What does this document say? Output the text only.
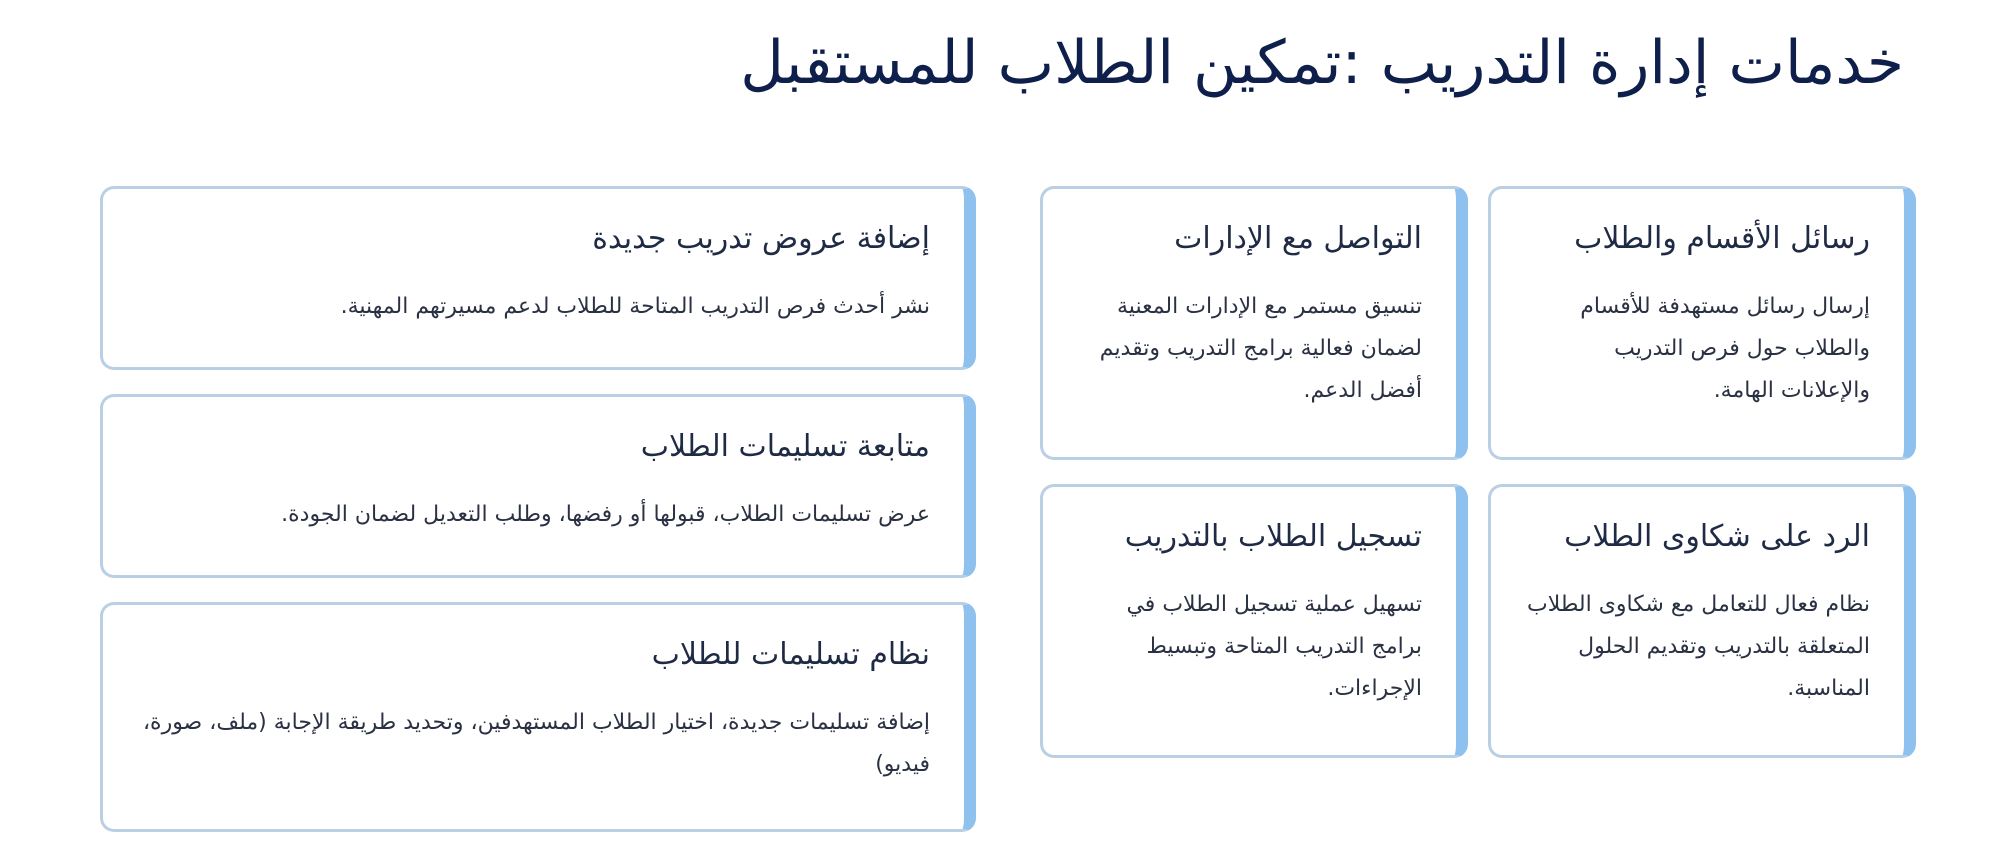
خدمات إدارة التدريب :تمكين الطلاب للمستقبل
رسائل الأقسام والطلاب

إرسال رسائل مستهدفة للأقسام والطلاب حول فرص التدريب والإعلانات الهامة.

الرد على شكاوى الطلاب

نظام فعال للتعامل مع شكاوى الطلاب المتعلقة بالتدريب وتقديم الحلول المناسبة.

التواصل مع الإدارات

تنسيق مستمر مع الإدارات المعنية لضمان فعالية برامج التدريب وتقديم أفضل الدعم.

تسجيل الطلاب بالتدريب

تسهيل عملية تسجيل الطلاب في برامج التدريب المتاحة وتبسيط الإجراءات.

إضافة عروض تدريب جديدة

نشر أحدث فرص التدريب المتاحة للطلاب لدعم مسيرتهم المهنية.

متابعة تسليمات الطلاب

عرض تسليمات الطلاب، قبولها أو رفضها، وطلب التعديل لضمان الجودة.

نظام تسليمات للطلاب

إضافة تسليمات جديدة، اختيار الطلاب المستهدفين، وتحديد طريقة الإجابة (ملف، صورة، فيديو)
